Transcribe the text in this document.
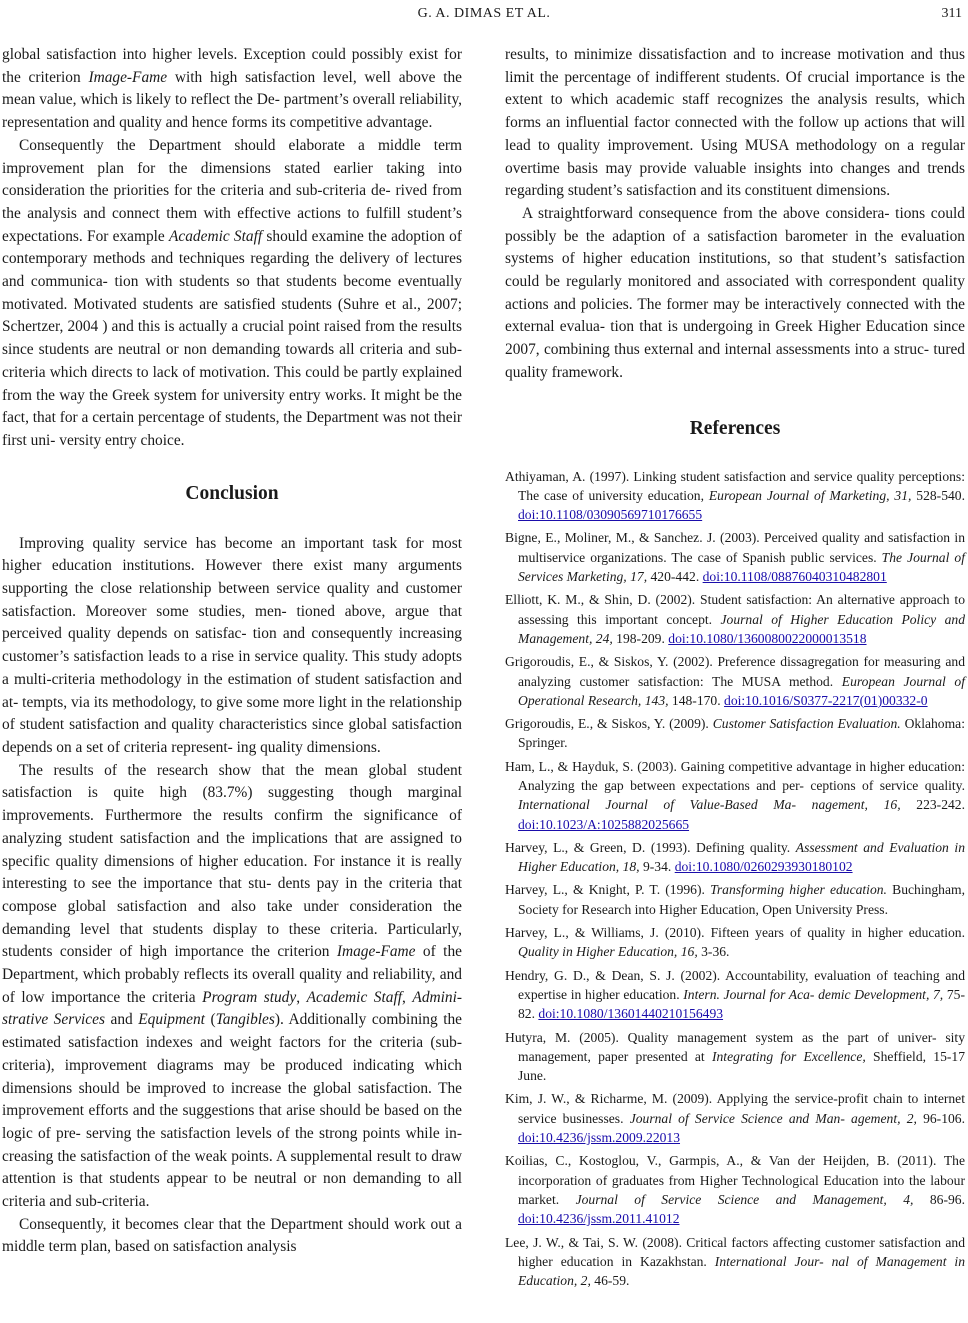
G. A. DIMAS ET AL.	311

global satisfaction into higher levels. Exception could possibly exist for the criterion Image-Fame with high satisfaction level, well above the mean value, which is likely to reflect the De- partment’s overall reliability, representation and quality and hence forms its competitive advantage.

Consequently the Department should elaborate a middle term improvement plan for the dimensions stated earlier taking into consideration the priorities for the criteria and sub-criteria de- rived from the analysis and connect them with effective actions to fulfill student’s expectations. For example Academic Staff should examine the adoption of contemporary methods and techniques regarding the delivery of lectures and communica- tion with students so that students become eventually motivated. Motivated students are satisfied students (Suhre et al., 2007; Schertzer, 2004 ) and this is actually a crucial point raised from the results since students are neutral or non demanding towards all criteria and sub-criteria which directs to lack of motivation. This could be partly explained from the way the Greek system for university entry works. It might be the fact, that for a certain percentage of students, the Department was not their first uni- versity entry choice.

Conclusion

Improving quality service has become an important task for most higher education institutions. However there exist many arguments supporting the close relationship between service quality and customer satisfaction. Moreover some studies, men- tioned above, argue that perceived quality depends on satisfac- tion and consequently increasing customer’s satisfaction leads to a rise in service quality. This study adopts a multi-criteria methodology in the estimation of student satisfaction and at- tempts, via its methodology, to give some more light in the relationship of student satisfaction and quality characteristics since global satisfaction depends on a set of criteria represent- ing quality dimensions.

The results of the research show that the mean global student satisfaction is quite high (83.7%) suggesting though marginal improvements. Furthermore the results confirm the significance of analyzing student satisfaction and the implications that are assigned to specific quality dimensions of higher education. For instance it is really interesting to see the importance that stu- dents pay in the criteria that compose global satisfaction and also take under consideration the demanding level that students display to these criteria. Particularly, students consider of high importance the criterion Image-Fame of the Department, which probably reflects its overall quality and reliability, and of low importance the criteria Program study, Academic Staff, Admini- strative Services and Equipment (Tangibles). Additionally combining the estimated satisfaction indexes and weight factors for the criteria (sub-criteria), improvement diagrams may be produced indicating which dimensions should be improved to increase the global satisfaction. The improvement efforts and the suggestions that arise should be based on the logic of pre- serving the satisfaction levels of the strong points while in- creasing the satisfaction of the weak points. A supplemental result to draw attention is that students appear to be neutral or non demanding to all criteria and sub-criteria.

Consequently, it becomes clear that the Department should work out a middle term plan, based on satisfaction analysis

results, to minimize dissatisfaction and to increase motivation and thus limit the percentage of indifferent students. Of crucial importance is the extent to which academic staff recognizes the analysis results, which forms an influential factor connected with the follow up actions that will lead to quality improvement. Using MUSA methodology on a regular overtime basis may provide valuable insights into changes and trends regarding student’s satisfaction and its constituent dimensions.

A straightforward consequence from the above considera- tions could possibly be the adaption of a satisfaction barometer in the evaluation systems of higher education institutions, so that student’s satisfaction could be regularly monitored and associated with correspondent quality actions and policies. The former may be interactively connected with the external evalua- tion that is undergoing in Greek Higher Education since 2007, combining thus external and internal assessments into a struc- tured quality framework.

References

Athiyaman, A. (1997). Linking student satisfaction and service quality perceptions: The case of university education, European Journal of Marketing, 31, 528-540. doi:10.1108/03090569710176655

Bigne, E., Moliner, M., & Sanchez. J. (2003). Perceived quality and satisfaction in multiservice organizations. The case of Spanish public services. The Journal of Services Marketing, 17, 420-442. doi:10.1108/08876040310482801

Elliott, K. M., & Shin, D. (2002). Student satisfaction: An alternative approach to assessing this important concept. Journal of Higher Education Policy and Management, 24, 198-209. doi:10.1080/1360080022000013518

Grigoroudis, E., & Siskos, Y. (2002). Preference dissagregation for measuring and analyzing customer satisfaction: The MUSA method. European Journal of Operational Research, 143, 148-170. doi:10.1016/S0377-2217(01)00332-0

Grigoroudis, E., & Siskos, Y. (2009). Customer Satisfaction Evaluation. Oklahoma: Springer.

Ham, L., & Hayduk, S. (2003). Gaining competitive advantage in higher education: Analyzing the gap between expectations and per- ceptions of service quality. International Journal of Value-Based Ma- nagement, 16, 223-242. doi:10.1023/A:1025882025665

Harvey, L., & Green, D. (1993). Defining quality. Assessment and Evaluation in Higher Education, 18, 9-34. doi:10.1080/0260293930180102

Harvey, L., & Knight, P. T. (1996). Transforming higher education. Buchingham, Society for Research into Higher Education, Open University Press.

Harvey, L., & Williams, J. (2010). Fifteen years of quality in higher education. Quality in Higher Education, 16, 3-36.

Hendry, G. D., & Dean, S. J. (2002). Accountability, evaluation of teaching and expertise in higher education. Intern. Journal for Aca- demic Development, 7, 75-82. doi:10.1080/13601440210156493

Hutyra, M. (2005). Quality management system as the part of univer- sity management, paper presented at Integrating for Excellence, Sheffield, 15-17 June.

Kim, J. W., & Richarme, M. (2009). Applying the service-profit chain to internet service businesses. Journal of Service Science and Man- agement, 2, 96-106. doi:10.4236/jssm.2009.22013

Koilias, C., Kostoglou, V., Garmpis, A., & Van der Heijden, B. (2011). The incorporation of graduates from Higher Technological Education into the labour market. Journal of Service Science and Management, 4, 86-96. doi:10.4236/jssm.2011.41012

Lee, J. W., & Tai, S. W. (2008). Critical factors affecting customer satisfaction and higher education in Kazakhstan. International Jour- nal of Management in Education, 2, 46-59.
